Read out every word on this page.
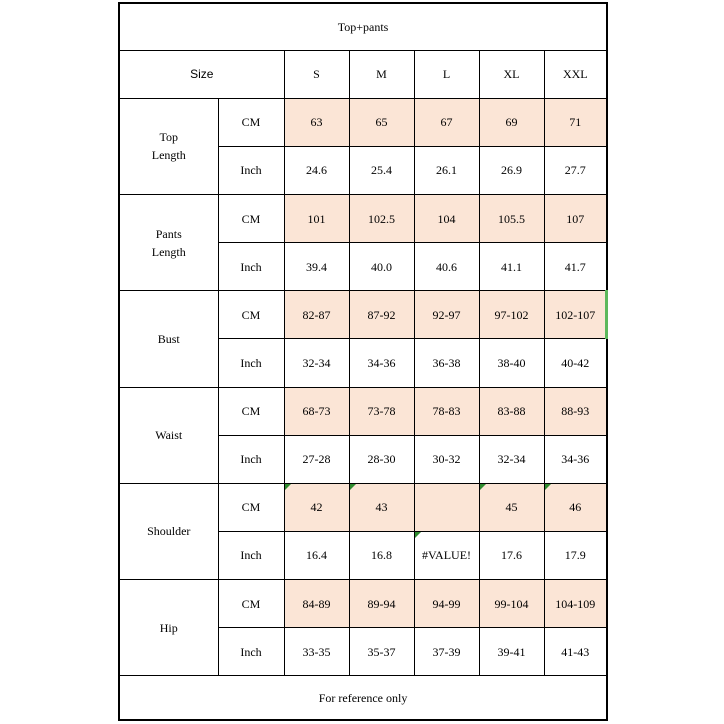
Top+pants						
Size		S	M	L	XL	XXL

Top
Length	CM	63	65	67	69	71
	Inch	24.6	25.4	26.1	26.9	27.7

Pants
Length	CM	101	102.5	104	105.5	107
	Inch	39.4	40.0	40.6	41.1	41.7

Bust	CM	82-87	87-92	92-97	97-102	102-107
	Inch	32-34	34-36	36-38	38-40	40-42

Waist	CM	68-73	73-78	78-83	83-88	88-93
	Inch	27-28	28-30	30-32	32-34	34-36

Shoulder	CM	42	43		45	46
	Inch	16.4	16.8	#VALUE!	17.6	17.9

Hip	CM	84-89	89-94	94-99	99-104	104-109
	Inch	33-35	35-37	37-39	39-41	41-43
For reference only						
